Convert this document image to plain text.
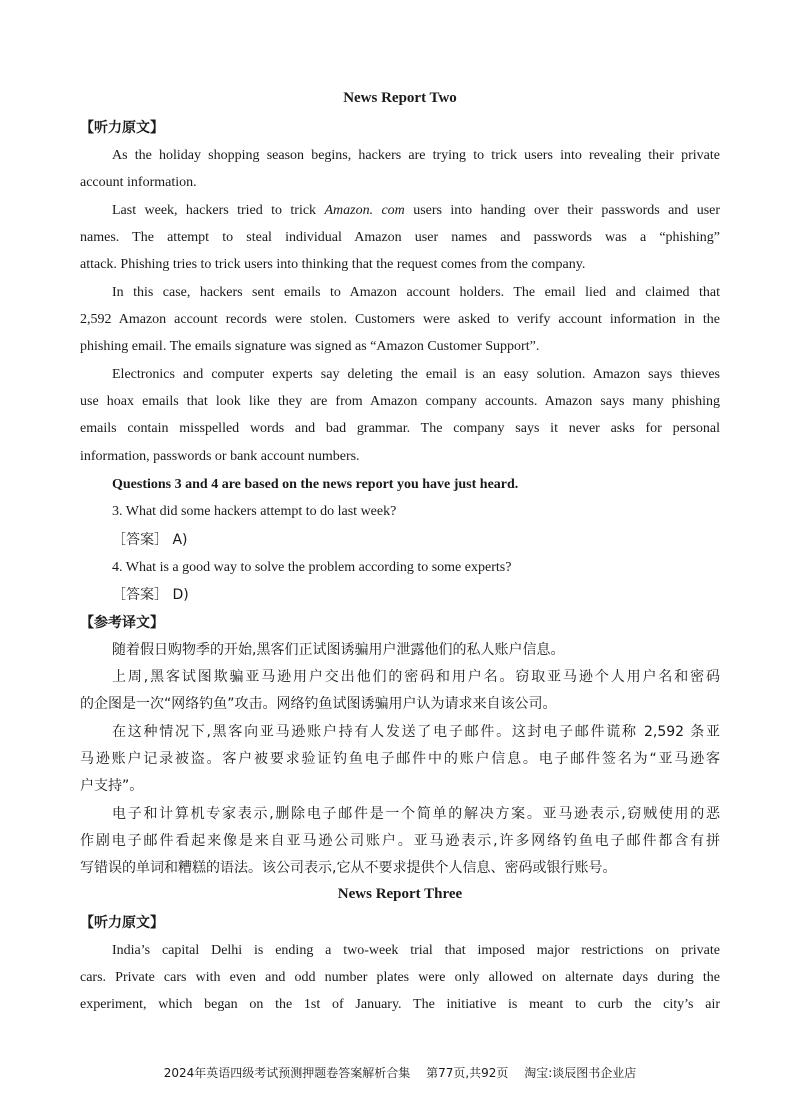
News Report Two
【听力原文】
As the holiday shopping season begins, hackers are trying to trick users into revealing their private
account information.
Last week, hackers tried to trick Amazon. com users into handing over their passwords and user
names. The attempt to steal individual Amazon user names and passwords was a “phishing”
attack. Phishing tries to trick users into thinking that the request comes from the company.
In this case, hackers sent emails to Amazon account holders. The email lied and claimed that
2,592 Amazon account records were stolen. Customers were asked to verify account information in the
phishing email. The emails signature was signed as “Amazon Customer Support”.
Electronics and computer experts say deleting the email is an easy solution. Amazon says thieves
use hoax emails that look like they are from Amazon company accounts. Amazon says many phishing
emails contain misspelled words and bad grammar. The company says it never asks for personal
information, passwords or bank account numbers.
Questions 3 and 4 are based on the news report you have just heard.
3. What did some hackers attempt to do last week?
［答案］ A)
4. What is a good way to solve the problem according to some experts?
［答案］ D)
【参考译文】
随着假日购物季的开始,黑客们正试图诱骗用户泄露他们的私人账户信息。
上周,黑客试图欺骗亚马逊用户交出他们的密码和用户名。窃取亚马逊个人用户名和密码
的企图是一次“网络钓鱼”攻击。网络钓鱼试图诱骗用户认为请求来自该公司。
在这种情况下,黑客向亚马逊账户持有人发送了电子邮件。这封电子邮件谎称 2,592 条亚
马逊账户记录被盗。客户被要求验证钓鱼电子邮件中的账户信息。电子邮件签名为“亚马逊客
户支持”。
电子和计算机专家表示,删除电子邮件是一个简单的解决方案。亚马逊表示,窃贼使用的恶
作剧电子邮件看起来像是来自亚马逊公司账户。亚马逊表示,许多网络钓鱼电子邮件都含有拼
写错误的单词和糟糕的语法。该公司表示,它从不要求提供个人信息、密码或银行账号。
News Report Three
【听力原文】
India’s capital Delhi is ending a two-week trial that imposed major restrictions on private
cars. Private cars with even and odd number plates were only allowed on alternate days during the
experiment, which began on the 1st of January. The initiative is meant to curb the city’s air
2024年英语四级考试预测押题卷答案解析合集 第77页,共92页 淘宝:谈辰图书企业店
